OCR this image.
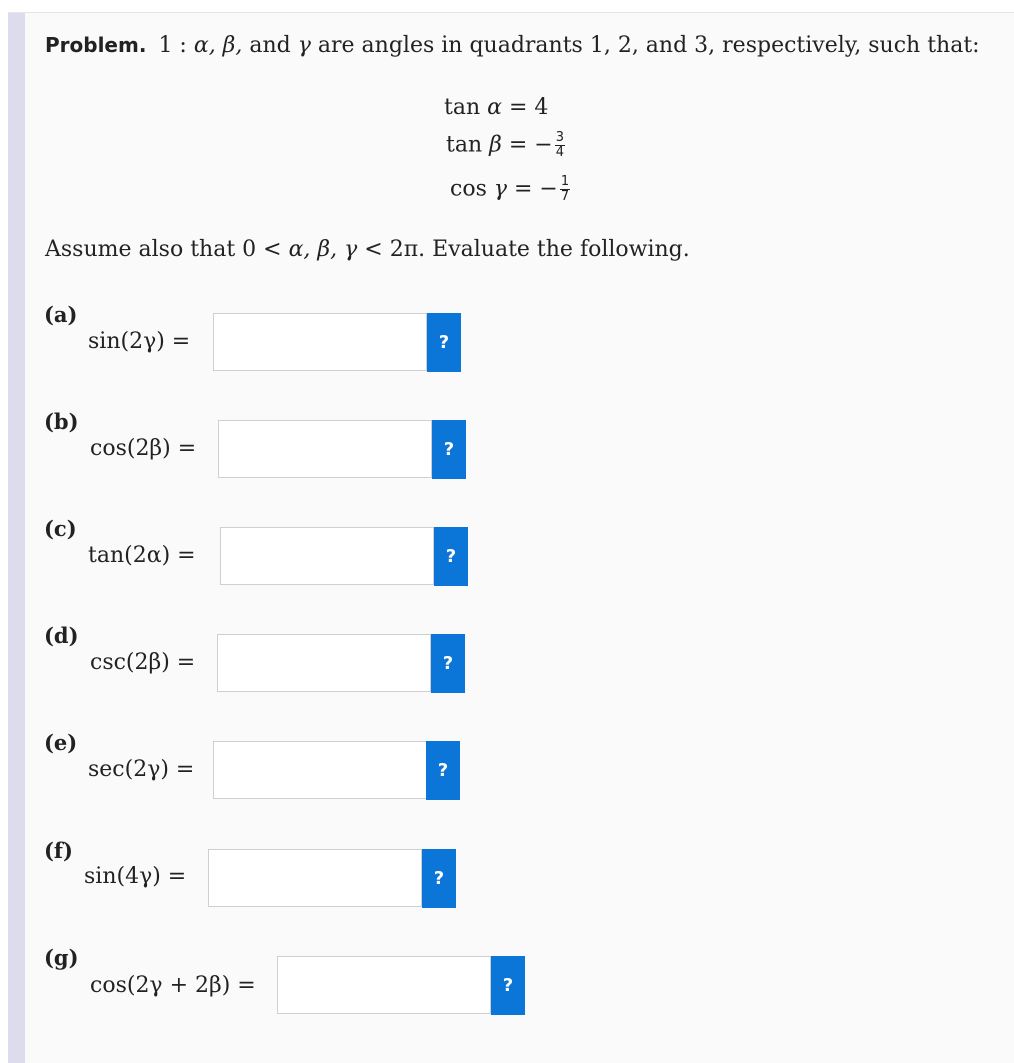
Problem. 1 : α, β, and γ are angles in quadrants 1, 2, and 3, respectively, such that:
tan α = 4
tan β = − $\frac{3}{4}$
cos γ = − $\frac{1}{7}$
Assume also that 0 < α, β, γ < 2π. Evaluate the following.
(a)
sin(2γ) =	?
(b)
cos(2β) =	?
(c)
tan(2α) =	?
(d)
csc(2β) =	?
(e)
sec(2γ) =	?
(f)
sin(4γ) =	?
(g)
cos(2γ + 2β) =	?
